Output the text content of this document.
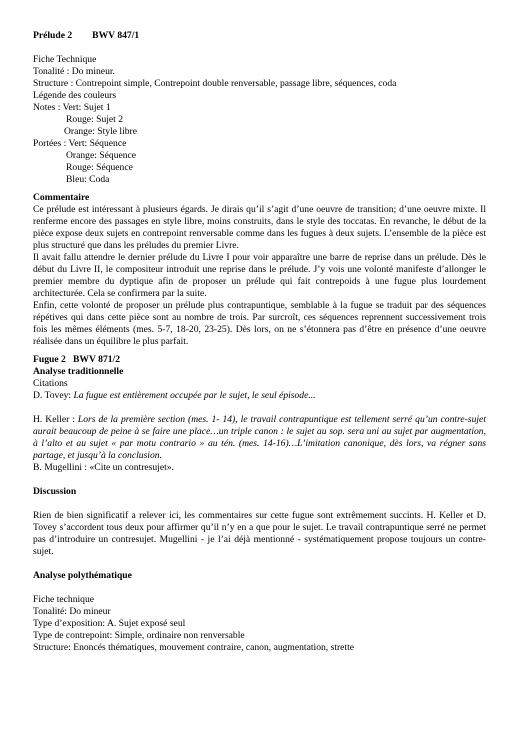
Prélude 2 BWV 847/1

Fiche Technique

Tonalité : Do mineur.

Structure : Contrepoint simple, Contrepoint double renversable, passage libre, séquences, coda

Légende des couleurs

Notes : Vert: Sujet 1

Rouge: Sujet 2

Orange: Style libre

Portées : Vert: Séquence

Orange: Séquence

Rouge: Séquence

Bleu: Coda

Commentaire

Ce prélude est intéressant à plusieurs égards. Je dirais qu’il s’agit d’une oeuvre de transition; d’une oeuvre mixte. Il renferme encore des passages en style libre, moins construits, dans le style des toccatas. En revanche, le début de la pièce expose deux sujets en contrepoint renversable comme dans les fugues à deux sujets. L’ensemble de la pièce est plus structuré que dans les préludes du premier Livre.

Il avait fallu attendre le dernier prélude du Livre I pour voir apparaître une barre de reprise dans un prélude. Dès le début du Livre II, le compositeur introduit une reprise dans le prélude. J’y vois une volonté manifeste d’allonger le premier membre du dyptique afin de proposer un prélude qui fait contrepoids à une fugue plus lourdement architecturée. Cela se confirmera par la suite.

Enfin, cette volonté de proposer un prélude plus contrapuntique, semblable à la fugue se traduit par des séquences répétives qui dans cette pièce sont au nombre de trois. Par surcroît, ces séquences reprennent successivement trois fois les mêmes éléments (mes. 5-7, 18-20, 23-25). Dès lors, on ne s’étonnera pas d’être en présence d’une oeuvre réalisée dans un équilibre le plus parfait.

Fugue 2 BWV 871/2

Analyse traditionnelle

Citations

D. Tovey: La fugue est entièrement occupée par le sujet, le seul épisode...

H. Keller : Lors de la première section (mes. 1- 14), le travail contrapuntique est tellement serré qu’un contre-sujet aurait beaucoup de peine à se faire une place…un triple canon : le sujet au sop. sera uni au sujet par augmentation, à l’alto et au sujet « par motu contrario » au tén. (mes. 14-16)…L’imitation canonique, dès lors, va régner sans partage, et jusqu’à la conclusion.

B. Mugellini : «Cite un contresujet».

Discussion

Rien de bien significatif a relever ici, les commentaires sur cette fugue sont extrêmement succints. H. Keller et D. Tovey s’accordent tous deux pour affirmer qu’il n’y en a que pour le sujet. Le travail contrapuntique serré ne permet pas d’introduire un contresujet. Mugellini - je l’ai déjà mentionné - systématiquement propose toujours un contre-sujet.

Analyse polythématique

Fiche technique

Tonalité: Do mineur

Type d’exposition: A. Sujet exposé seul

Type de contrepoint: Simple, ordinaire non renversable

Structure: Enoncés thématiques, mouvement contraire, canon, augmentation, strette
